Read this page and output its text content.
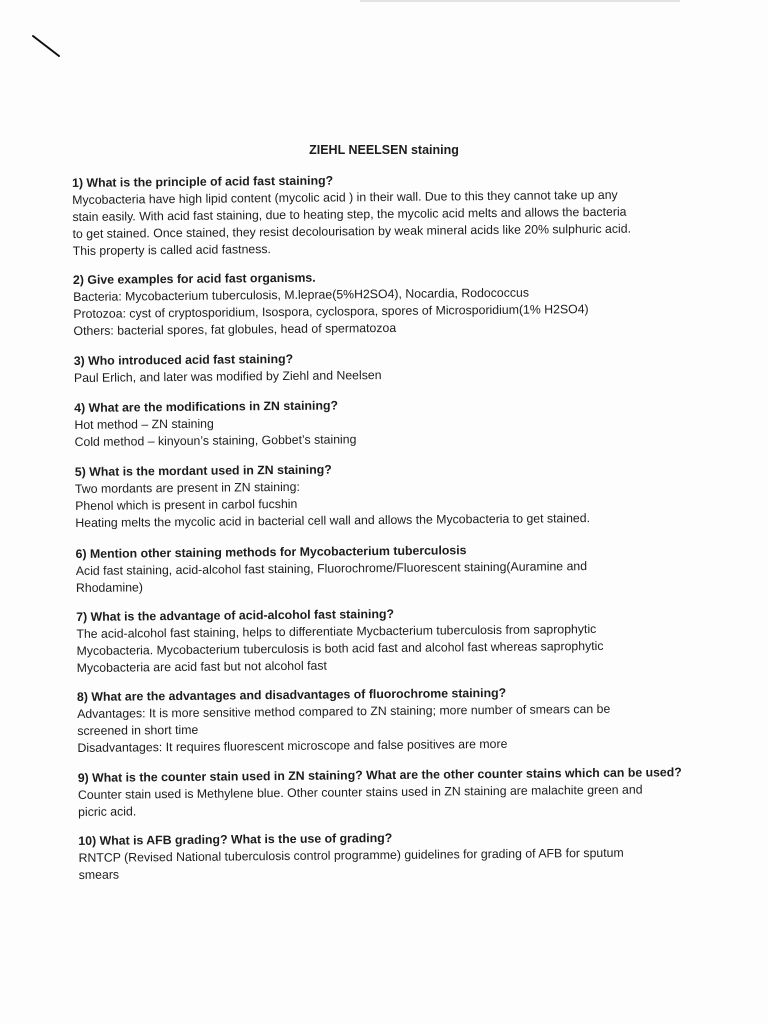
ZIEHL NEELSEN staining

1) What is the principle of acid fast staining?

Mycobacteria have high lipid content (mycolic acid ) in their wall. Due to this they cannot take up any

stain easily. With acid fast staining, due to heating step, the mycolic acid melts and allows the bacteria

to get stained. Once stained, they resist decolourisation by weak mineral acids like 20% sulphuric acid.

This property is called acid fastness.

2) Give examples for acid fast organisms.

Bacteria: Mycobacterium tuberculosis, M.leprae(5%H2SO4), Nocardia, Rodococcus

Protozoa: cyst of cryptosporidium, Isospora, cyclospora, spores of Microsporidium(1% H2SO4)

Others: bacterial spores, fat globules, head of spermatozoa

3) Who introduced acid fast staining?

Paul Erlich, and later was modified by Ziehl and Neelsen

4) What are the modifications in ZN staining?

Hot method – ZN staining

Cold method – kinyoun’s staining, Gobbet’s staining

5) What is the mordant used in ZN staining?

Two mordants are present in ZN staining:

Phenol which is present in carbol fucshin

Heating melts the mycolic acid in bacterial cell wall and allows the Mycobacteria to get stained.

6) Mention other staining methods for Mycobacterium tuberculosis

Acid fast staining, acid-alcohol fast staining, Fluorochrome/Fluorescent staining(Auramine and

Rhodamine)

7) What is the advantage of acid-alcohol fast staining?

The acid-alcohol fast staining, helps to differentiate Mycbacterium tuberculosis from saprophytic

Mycobacteria. Mycobacterium tuberculosis is both acid fast and alcohol fast whereas saprophytic

Mycobacteria are acid fast but not alcohol fast

8) What are the advantages and disadvantages of fluorochrome staining?

Advantages: It is more sensitive method compared to ZN staining; more number of smears can be

screened in short time

Disadvantages: It requires fluorescent microscope and false positives are more

9) What is the counter stain used in ZN staining? What are the other counter stains which can be used?

Counter stain used is Methylene blue. Other counter stains used in ZN staining are malachite green and

picric acid.

10) What is AFB grading? What is the use of grading?

RNTCP (Revised National tuberculosis control programme) guidelines for grading of AFB for sputum

smears
